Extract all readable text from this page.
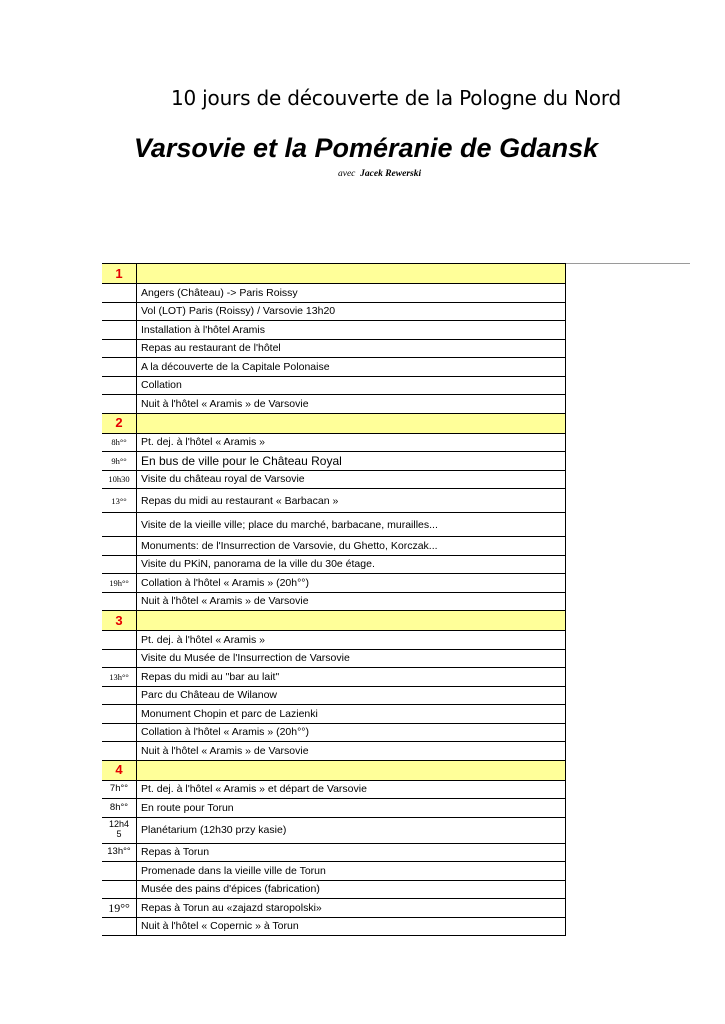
10 jours de découverte de la Pologne du Nord
Varsovie et la Poméranie de Gdansk
avec Jacek Rewerski
1	
	Angers (Château) -> Paris Roissy
	Vol (LOT) Paris (Roissy) / Varsovie 13h20
	Installation à l'hôtel Aramis
	Repas au restaurant de l'hôtel
	A la découverte de la Capitale Polonaise
	Collation
	Nuit à l'hôtel « Aramis » de Varsovie
2	
8h°°	Pt. dej. à l'hôtel « Aramis »
9h°°	En bus de ville pour le Château Royal
10h30	Visite du château royal de Varsovie
13°°	Repas du midi au restaurant « Barbacan »
	Visite de la vieille ville; place du marché, barbacane, murailles...
	Monuments: de l'Insurrection de Varsovie, du Ghetto, Korczak...
	Visite du PKiN, panorama de la ville du 30e étage.
19h°°	Collation à l'hôtel « Aramis » (20h°°)
	Nuit à l'hôtel « Aramis » de Varsovie
3	
	Pt. dej. à l'hôtel « Aramis »
	Visite du Musée de l'Insurrection de Varsovie
13h°°	Repas du midi au "bar au lait"
	Parc du Château de Wilanow
	Monument Chopin et parc de Lazienki
	Collation à l'hôtel « Aramis » (20h°°)
	Nuit à l'hôtel « Aramis » de Varsovie
4	
7h°°	Pt. dej. à l'hôtel « Aramis » et départ de Varsovie
8h°°	En route pour Torun
12h45	Planétarium (12h30 przy kasie)
13h°°	Repas à Torun
	Promenade dans la vieille ville de Torun
	Musée des pains d'épices (fabrication)
19°°	Repas à Torun au «zajazd staropolski»
	Nuit à l'hôtel « Copernic » à Torun
